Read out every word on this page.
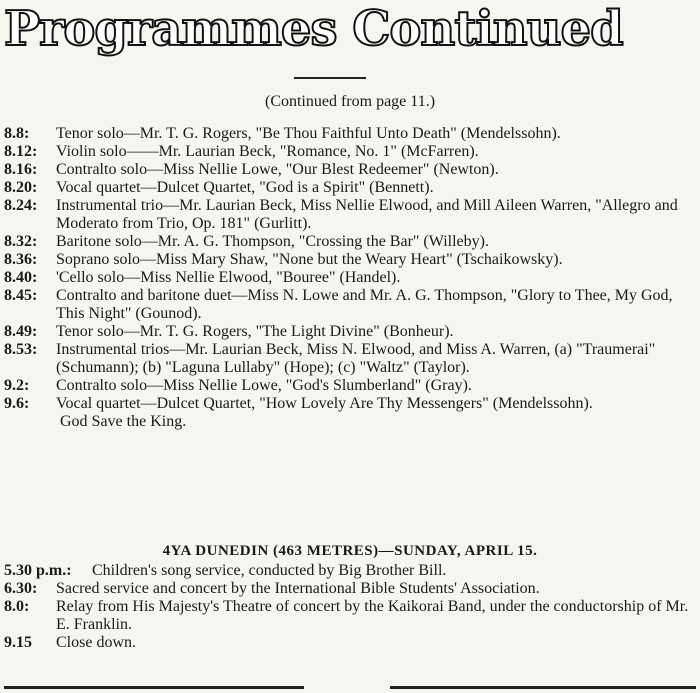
Programmes Continued
(Continued from page 11.)
8.8: Tenor solo—Mr. T. G. Rogers, "Be Thou Faithful Unto Death" (Mendelssohn).
8.12: Violin solo——Mr. Laurian Beck, "Romance, No. 1" (McFarren).
8.16: Contralto solo—Miss Nellie Lowe, "Our Blest Redeemer" (Newton).
8.20: Vocal quartet—Dulcet Quartet, "God is a Spirit" (Bennett).
8.24: Instrumental trio—Mr. Laurian Beck, Miss Nellie Elwood, and Mill Aileen Warren, "Allegro and Moderato from Trio, Op. 181" (Gurlitt).
8.32: Baritone solo—Mr. A. G. Thompson, "Crossing the Bar" (Willeby).
8.36: Soprano solo—Miss Mary Shaw, "None but the Weary Heart" (Tschaikowsky).
8.40: 'Cello solo—Miss Nellie Elwood, "Bouree" (Handel).
8.45: Contralto and baritone duet—Miss N. Lowe and Mr. A. G. Thompson, "Glory to Thee, My God, This Night" (Gounod).
8.49: Tenor solo—Mr. T. G. Rogers, "The Light Divine" (Bonheur).
8.53: Instrumental trios—Mr. Laurian Beck, Miss N. Elwood, and Miss A. Warren, (a) "Traumerai" (Schumann); (b) "Laguna Lullaby" (Hope); (c) "Waltz" (Taylor).
9.2: Contralto solo—Miss Nellie Lowe, "God's Slumberland" (Gray).
9.6: Vocal quartet—Dulcet Quartet, "How Lovely Are Thy Messengers" (Mendelssohn).
God Save the King.
4YA DUNEDIN (463 METRES)—SUNDAY, APRIL 15.
5.30 p.m.: Children's song service, conducted by Big Brother Bill.
6.30: Sacred service and concert by the International Bible Students' Association.
8.0: Relay from His Majesty's Theatre of concert by the Kaikorai Band, under the conductorship of Mr. E. Franklin.
9.15 Close down.
